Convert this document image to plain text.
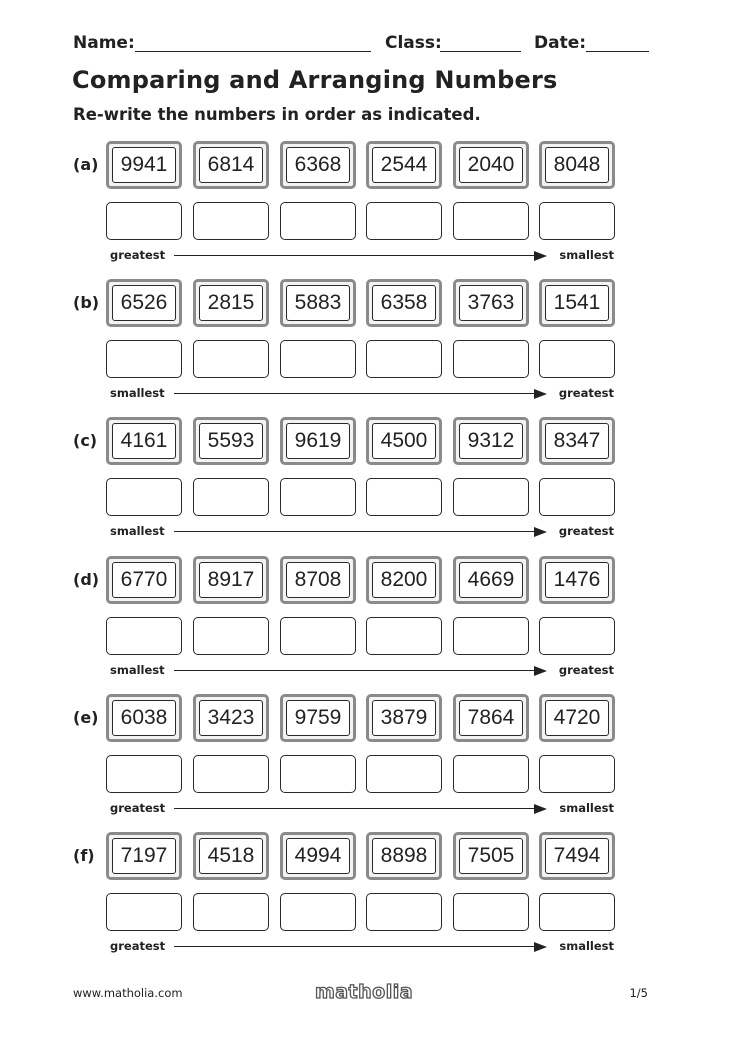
Name:	Class:	Date:
Comparing and Arranging Numbers
Re-write the numbers in order as indicated.
(a)	9941	6814	6368	2544	2040	8048
greatest	smallest
(b)	6526	2815	5883	6358	3763	1541
smallest	greatest
(c)	4161	5593	9619	4500	9312	8347
smallest	greatest
(d)	6770	8917	8708	8200	4669	1476
smallest	greatest
(e)	6038	3423	9759	3879	7864	4720
greatest	smallest
(f)	7197	4518	4994	8898	7505	7494
greatest	smallest
www.matholia.com	matholia	1/5
